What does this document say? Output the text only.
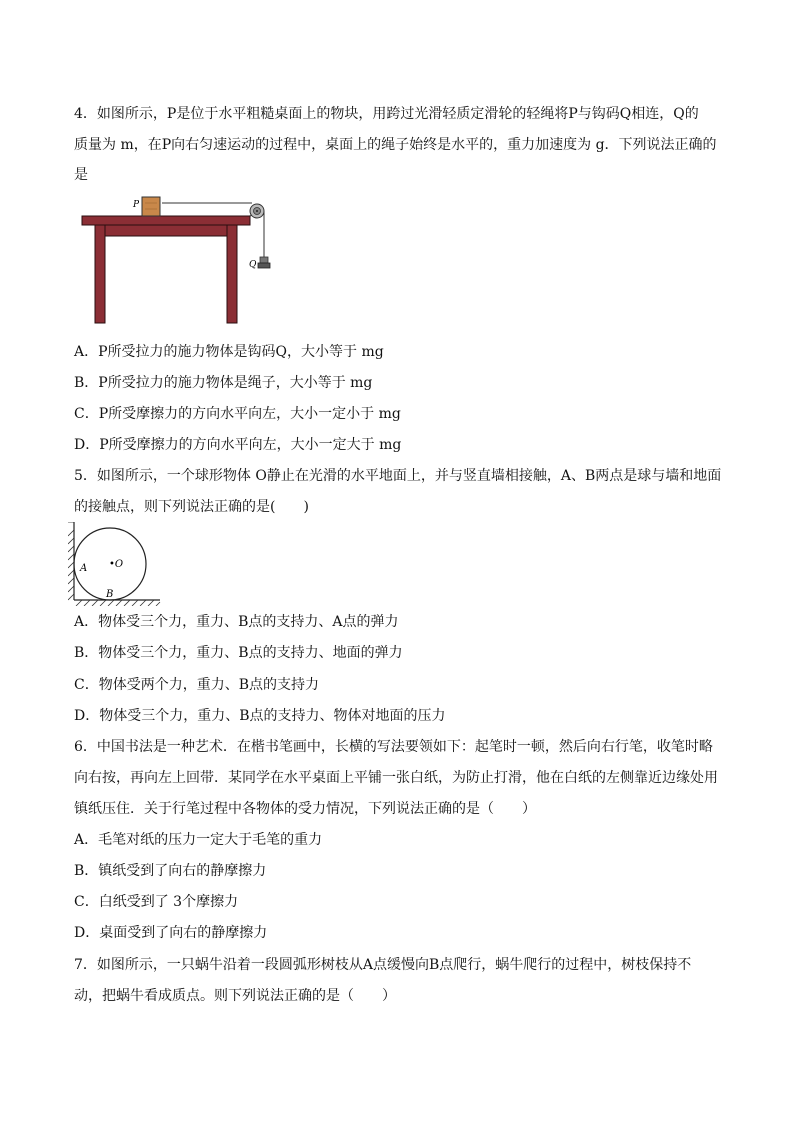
4．如图所示，P是位于水平粗糙桌面上的物块，用跨过光滑轻质定滑轮的轻绳将P与钩码Q相连，Q的
质量为 m，在P向右匀速运动的过程中，桌面上的绳子始终是水平的，重力加速度为 g．下列说法正确的
是
P
Q
A．P所受拉力的施力物体是钩码Q，大小等于 mg
B．P所受拉力的施力物体是绳子，大小等于 mg
C．P所受摩擦力的方向水平向左，大小一定小于 mg
D．P所受摩擦力的方向水平向左，大小一定大于 mg
5．如图所示，一个球形物体 O静止在光滑的水平地面上，并与竖直墙相接触，A、B两点是球与墙和地面
的接触点，则下列说法正确的是(　　)
A •O
B
A．物体受三个力，重力、B点的支持力、A点的弹力
B．物体受三个力，重力、B点的支持力、地面的弹力
C．物体受两个力，重力、B点的支持力
D．物体受三个力，重力、B点的支持力、物体对地面的压力
6．中国书法是一种艺术．在楷书笔画中，长横的写法要领如下：起笔时一顿，然后向右行笔，收笔时略
向右按，再向左上回带．某同学在水平桌面上平铺一张白纸，为防止打滑，他在白纸的左侧靠近边缘处用
镇纸压住．关于行笔过程中各物体的受力情况，下列说法正确的是（　　）
A．毛笔对纸的压力一定大于毛笔的重力
B．镇纸受到了向右的静摩擦力
C．白纸受到了 3个摩擦力
D．桌面受到了向右的静摩擦力
7．如图所示，一只蜗牛沿着一段圆弧形树枝从A点缓慢向B点爬行，蜗牛爬行的过程中，树枝保持不
动，把蜗牛看成质点。则下列说法正确的是（　　）
